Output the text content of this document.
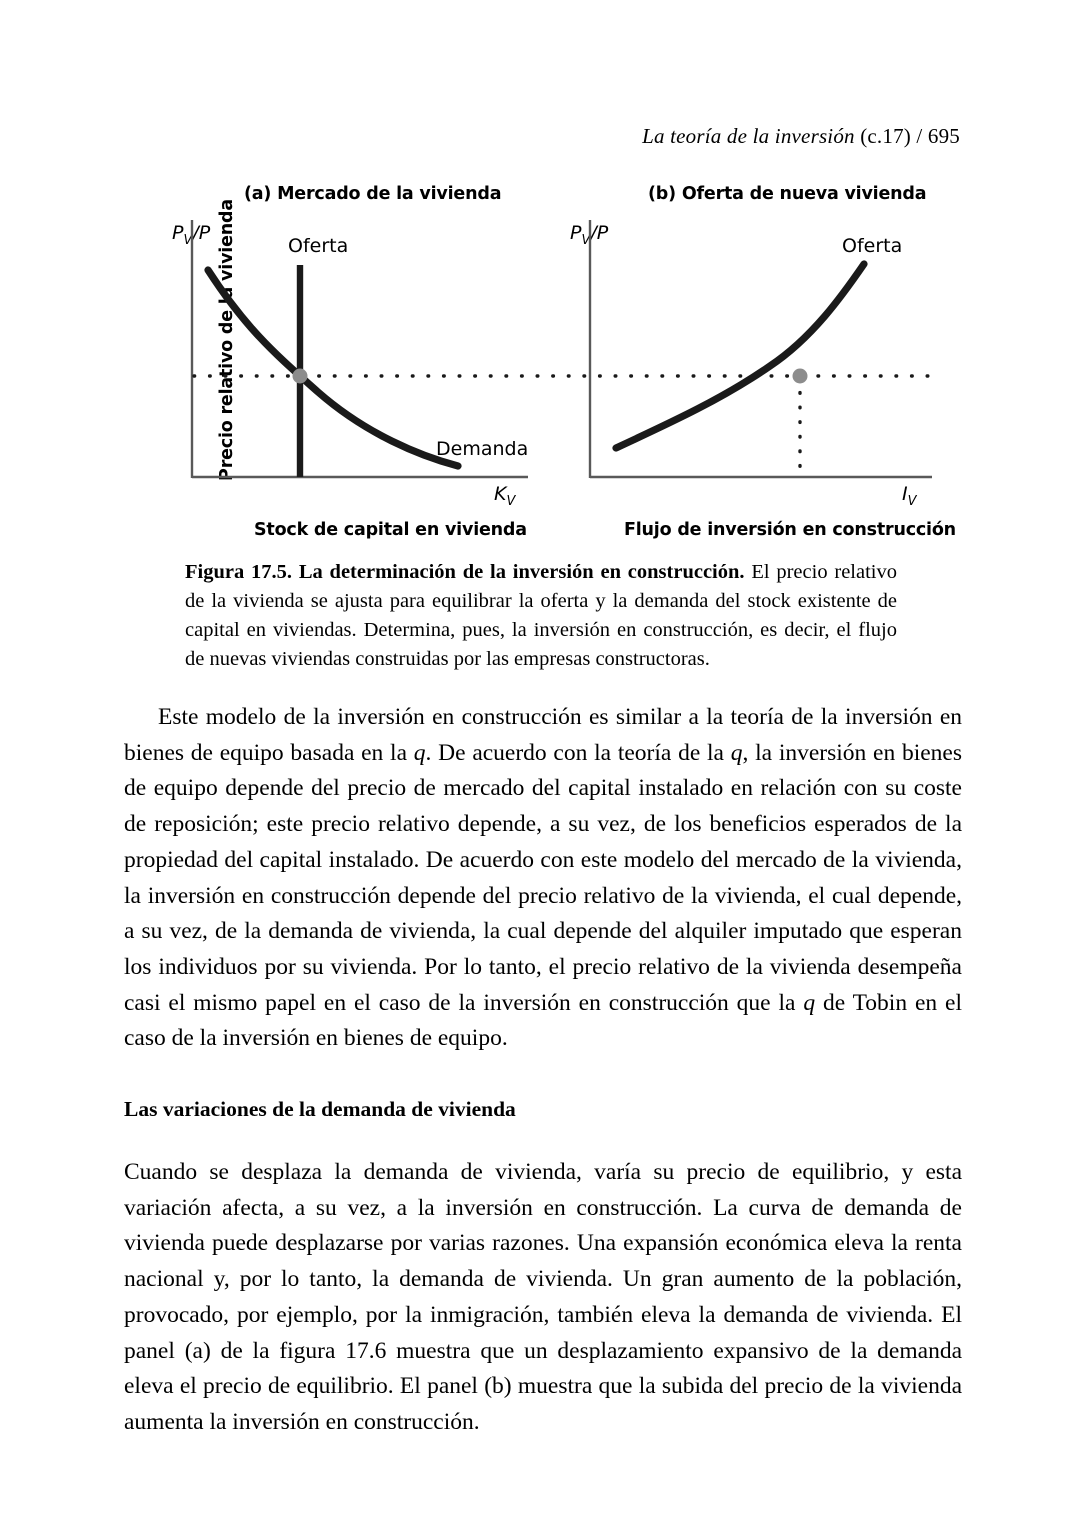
La teoría de la inversión (c.17) / 695
(a) Mercado de la vivienda	(b) Oferta de nueva vivienda
Precio relativo de la vivienda
$P_V/P$	$P_V/P$
$K_V$	$I_V$
Oferta
Demanda
Oferta
Stock de capital en vivienda	Flujo de inversión en construcción
Figura 17.5. La determinación de la inversión en construcción. El precio relativo de la vivienda se ajusta para equilibrar la oferta y la demanda del stock existente de capital en viviendas. Determina, pues, la inversión en construcción, es decir, el flujo de nuevas viviendas construidas por las empresas constructoras.

Este modelo de la inversión en construcción es similar a la teoría de la inversión en bienes de equipo basada en la q. De acuerdo con la teoría de la q, la inversión en bienes de equipo depende del precio de mercado del capital instalado en relación con su coste de reposición; este precio relativo depende, a su vez, de los beneficios esperados de la propiedad del capital instalado. De acuerdo con este modelo del mercado de la vivienda, la inversión en construcción depende del precio relativo de la vivienda, el cual depende, a su vez, de la demanda de vivienda, la cual depende del alquiler imputado que esperan los individuos por su vivienda. Por lo tanto, el precio relativo de la vivienda desempeña casi el mismo papel en el caso de la inversión en construcción que la q de Tobin en el caso de la inversión en bienes de equipo.

Las variaciones de la demanda de vivienda

Cuando se desplaza la demanda de vivienda, varía su precio de equilibrio, y esta variación afecta, a su vez, a la inversión en construcción. La curva de demanda de vivienda puede desplazarse por varias razones. Una expansión económica eleva la renta nacional y, por lo tanto, la demanda de vivienda. Un gran aumento de la población, provocado, por ejemplo, por la inmigración, también eleva la demanda de vivienda. El panel (a) de la figura 17.6 muestra que un desplazamiento expansivo de la demanda eleva el precio de equilibrio. El panel (b) muestra que la subida del precio de la vivienda aumenta la inversión en construcción.
